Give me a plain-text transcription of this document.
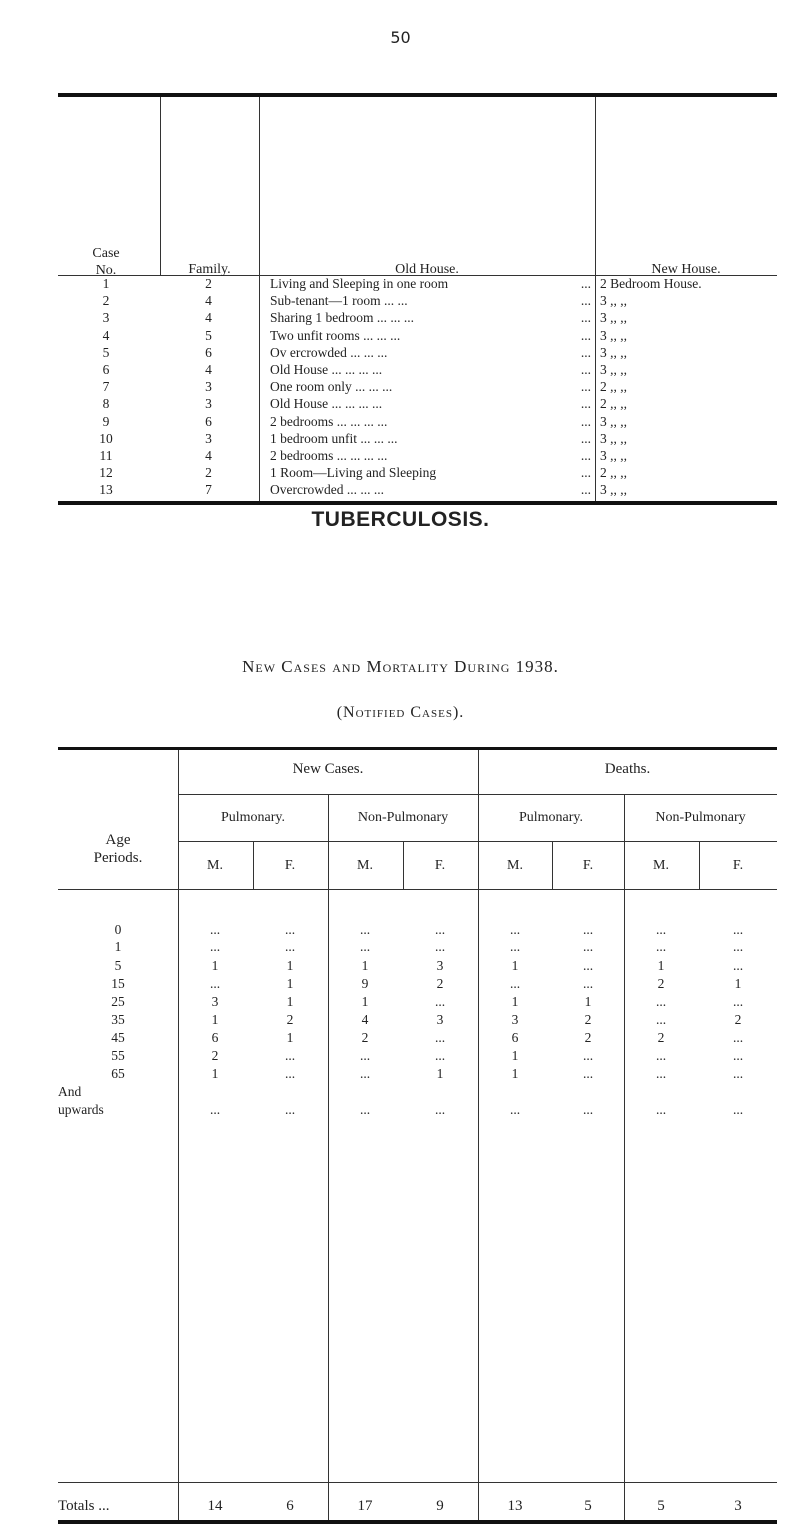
50
Case
No.	Family.	Old House.	New House.
1	2	Living and Sleeping in one room	... 2 Bedroom House.
2	4	Sub-tenant—1 room ... ...	... 3 ,, ,,
3	4	Sharing 1 bedroom ... ... ...	... 3 ,, ,,
4	5	Two unfit rooms ... ... ...	... 3 ,, ,,
5	6	Ov ercrowded ... ... ...	... 3 ,, ,,
6	4	Old House ... ... ... ...	... 3 ,, ,,
7	3	One room only ... ... ...	... 2 ,, ,,
8	3	Old House ... ... ... ...	... 2 ,, ,,
9	6	2 bedrooms ... ... ... ...	... 3 ,, ,,
10	3	1 bedroom unfit ... ... ...	... 3 ,, ,,
11	4	2 bedrooms ... ... ... ...	... 3 ,, ,,
12	2	1 Room—Living and Sleeping	... 2 ,, ,,
13	7	Overcrowded ... ... ...	... 3 ,, ,,
TUBERCULOSIS.
New Cases and Mortality During 1938.
(Notified Cases).
Age
Periods.
New Cases.	Deaths.
Pulmonary.	Non-Pulmonary	Pulmonary.	Non-Pulmonary
M.	F.	M.	F.	M.	F.	M.	F.
0	...	...	...	...	...	...	...	...
1	...	...	...	...	...	...	...	...
5	1	1	1	3	1	...	1	...
15	...	1	9	2	...	...	2	1
25	3	1	1	...	1	1	...	...
35	1	2	4	3	3	2	...	2
45	6	1	2	...	6	2	2	...
55	2	...	...	...	1	...	...	...
65	1	...	...	1	1	...	...	...
And
upwards	...	...	...	...	...	...	...	...
Totals ...	14	6	17	9	13	5	5	3
